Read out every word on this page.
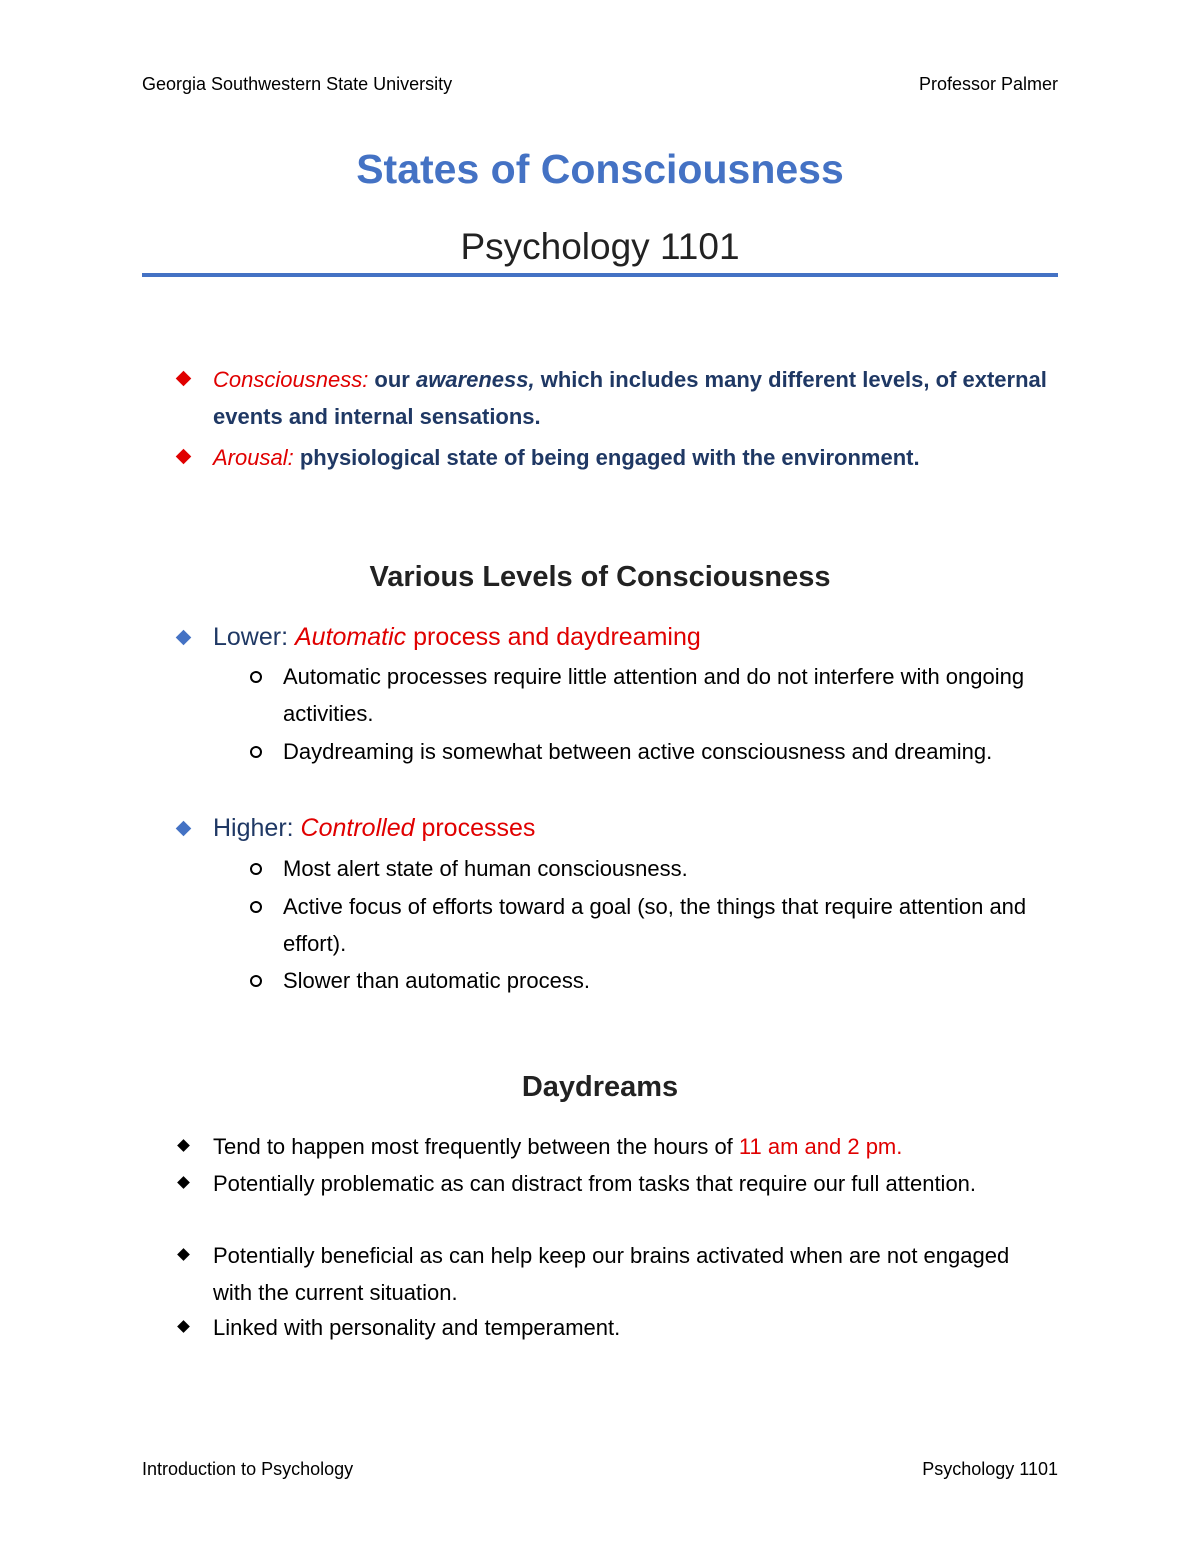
Georgia Southwestern State University	Professor Palmer
States of Consciousness
Psychology 1101
Consciousness: our awareness, which includes many different levels, of external events and internal sensations.
Arousal: physiological state of being engaged with the environment.
Various Levels of Consciousness
Lower: Automatic process and daydreaming
Automatic processes require little attention and do not interfere with ongoing activities.
Daydreaming is somewhat between active consciousness and dreaming.
Higher: Controlled processes
Most alert state of human consciousness.
Active focus of efforts toward a goal (so, the things that require attention and effort).
Slower than automatic process.
Daydreams
Tend to happen most frequently between the hours of 11 am and 2 pm.
Potentially problematic as can distract from tasks that require our full attention.
Potentially beneficial as can help keep our brains activated when are not engaged with the current situation.
Linked with personality and temperament.
Introduction to Psychology	Psychology 1101
